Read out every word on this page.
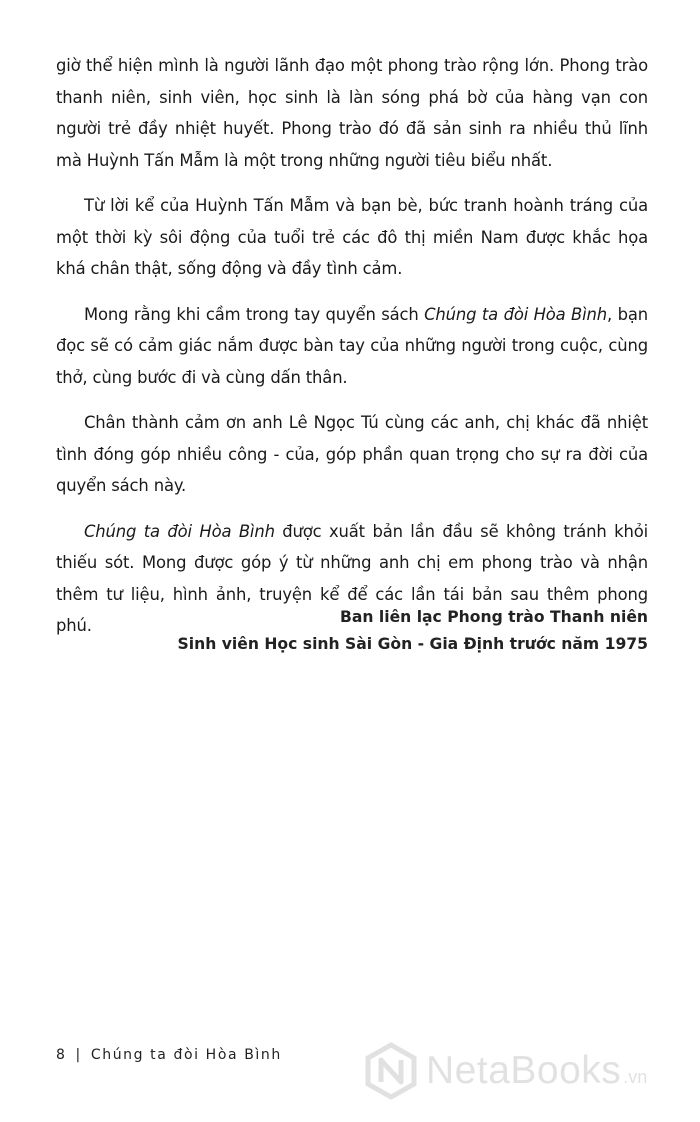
giờ thể hiện mình là người lãnh đạo một phong trào rộng lớn. Phong trào thanh niên, sinh viên, học sinh là làn sóng phá bờ của hàng vạn con người trẻ đầy nhiệt huyết. Phong trào đó đã sản sinh ra nhiều thủ lĩnh mà Huỳnh Tấn Mẫm là một trong những người tiêu biểu nhất.

Từ lời kể của Huỳnh Tấn Mẫm và bạn bè, bức tranh hoành tráng của một thời kỳ sôi động của tuổi trẻ các đô thị miền Nam được khắc họa khá chân thật, sống động và đầy tình cảm.

Mong rằng khi cầm trong tay quyển sách Chúng ta đòi Hòa Bình, bạn đọc sẽ có cảm giác nắm được bàn tay của những người trong cuộc, cùng thở, cùng bước đi và cùng dấn thân.

Chân thành cảm ơn anh Lê Ngọc Tú cùng các anh, chị khác đã nhiệt tình đóng góp nhiều công - của, góp phần quan trọng cho sự ra đời của quyển sách này.

Chúng ta đòi Hòa Bình được xuất bản lần đầu sẽ không tránh khỏi thiếu sót. Mong được góp ý từ những anh chị em phong trào và nhận thêm tư liệu, hình ảnh, truyện kể để các lần tái bản sau thêm phong phú.	Ban liên lạc Phong trào Thanh niên
Sinh viên Học sinh Sài Gòn - Gia Định trước năm 1975
8 | Chúng ta đòi Hòa Bình	NetaBooks .vn
